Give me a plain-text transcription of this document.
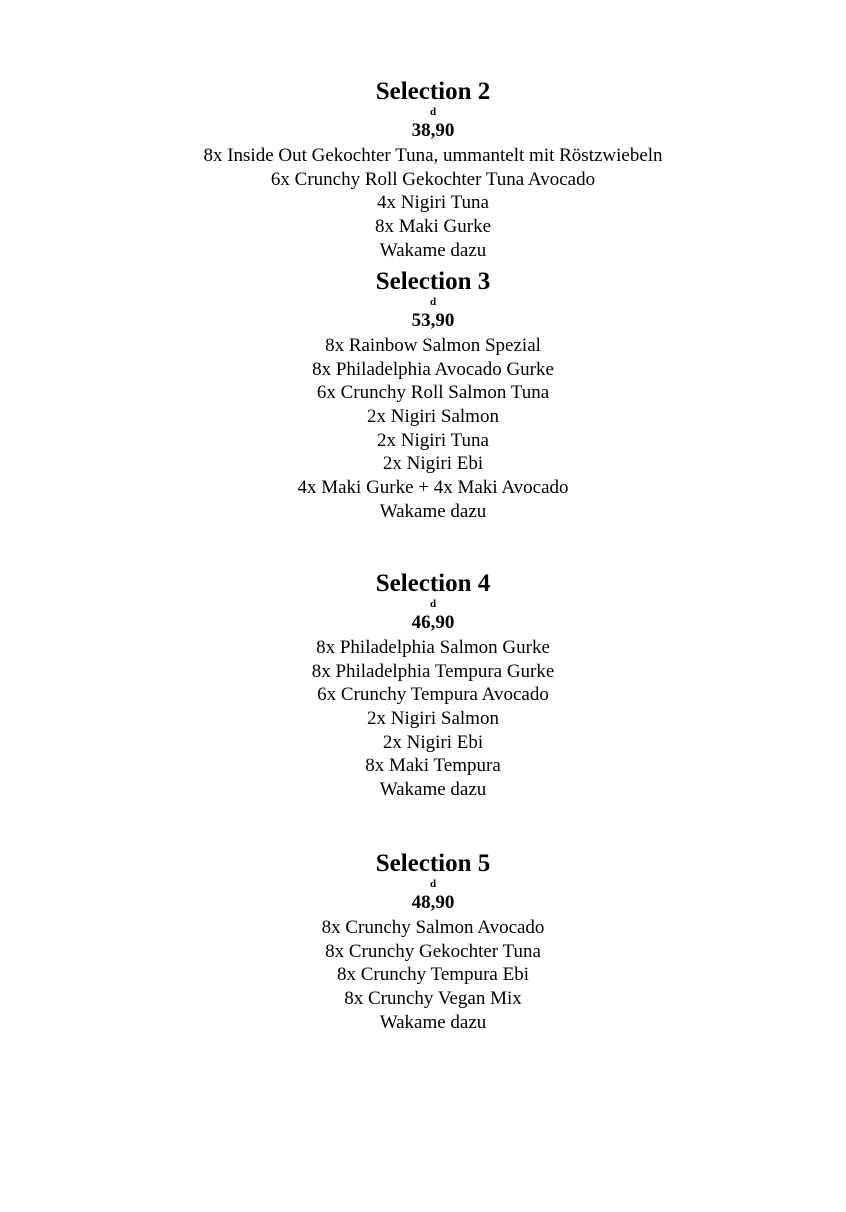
Selection 2
d
38,90
8x Inside Out Gekochter Tuna, ummantelt mit Röstzwiebeln
6x Crunchy Roll Gekochter Tuna Avocado
4x Nigiri Tuna
8x Maki Gurke
Wakame dazu
Selection 3
d
53,90
8x Rainbow Salmon Spezial
8x Philadelphia Avocado Gurke
6x Crunchy Roll Salmon Tuna
2x Nigiri Salmon
2x Nigiri Tuna
2x Nigiri Ebi
4x Maki Gurke + 4x Maki Avocado
Wakame dazu
Selection 4
d
46,90
8x Philadelphia Salmon Gurke
8x Philadelphia Tempura Gurke
6x Crunchy Tempura Avocado
2x Nigiri Salmon
2x Nigiri Ebi
8x Maki Tempura
Wakame dazu
Selection 5
d
48,90
8x Crunchy Salmon Avocado
8x Crunchy Gekochter Tuna
8x Crunchy Tempura Ebi
8x Crunchy Vegan Mix
Wakame dazu
